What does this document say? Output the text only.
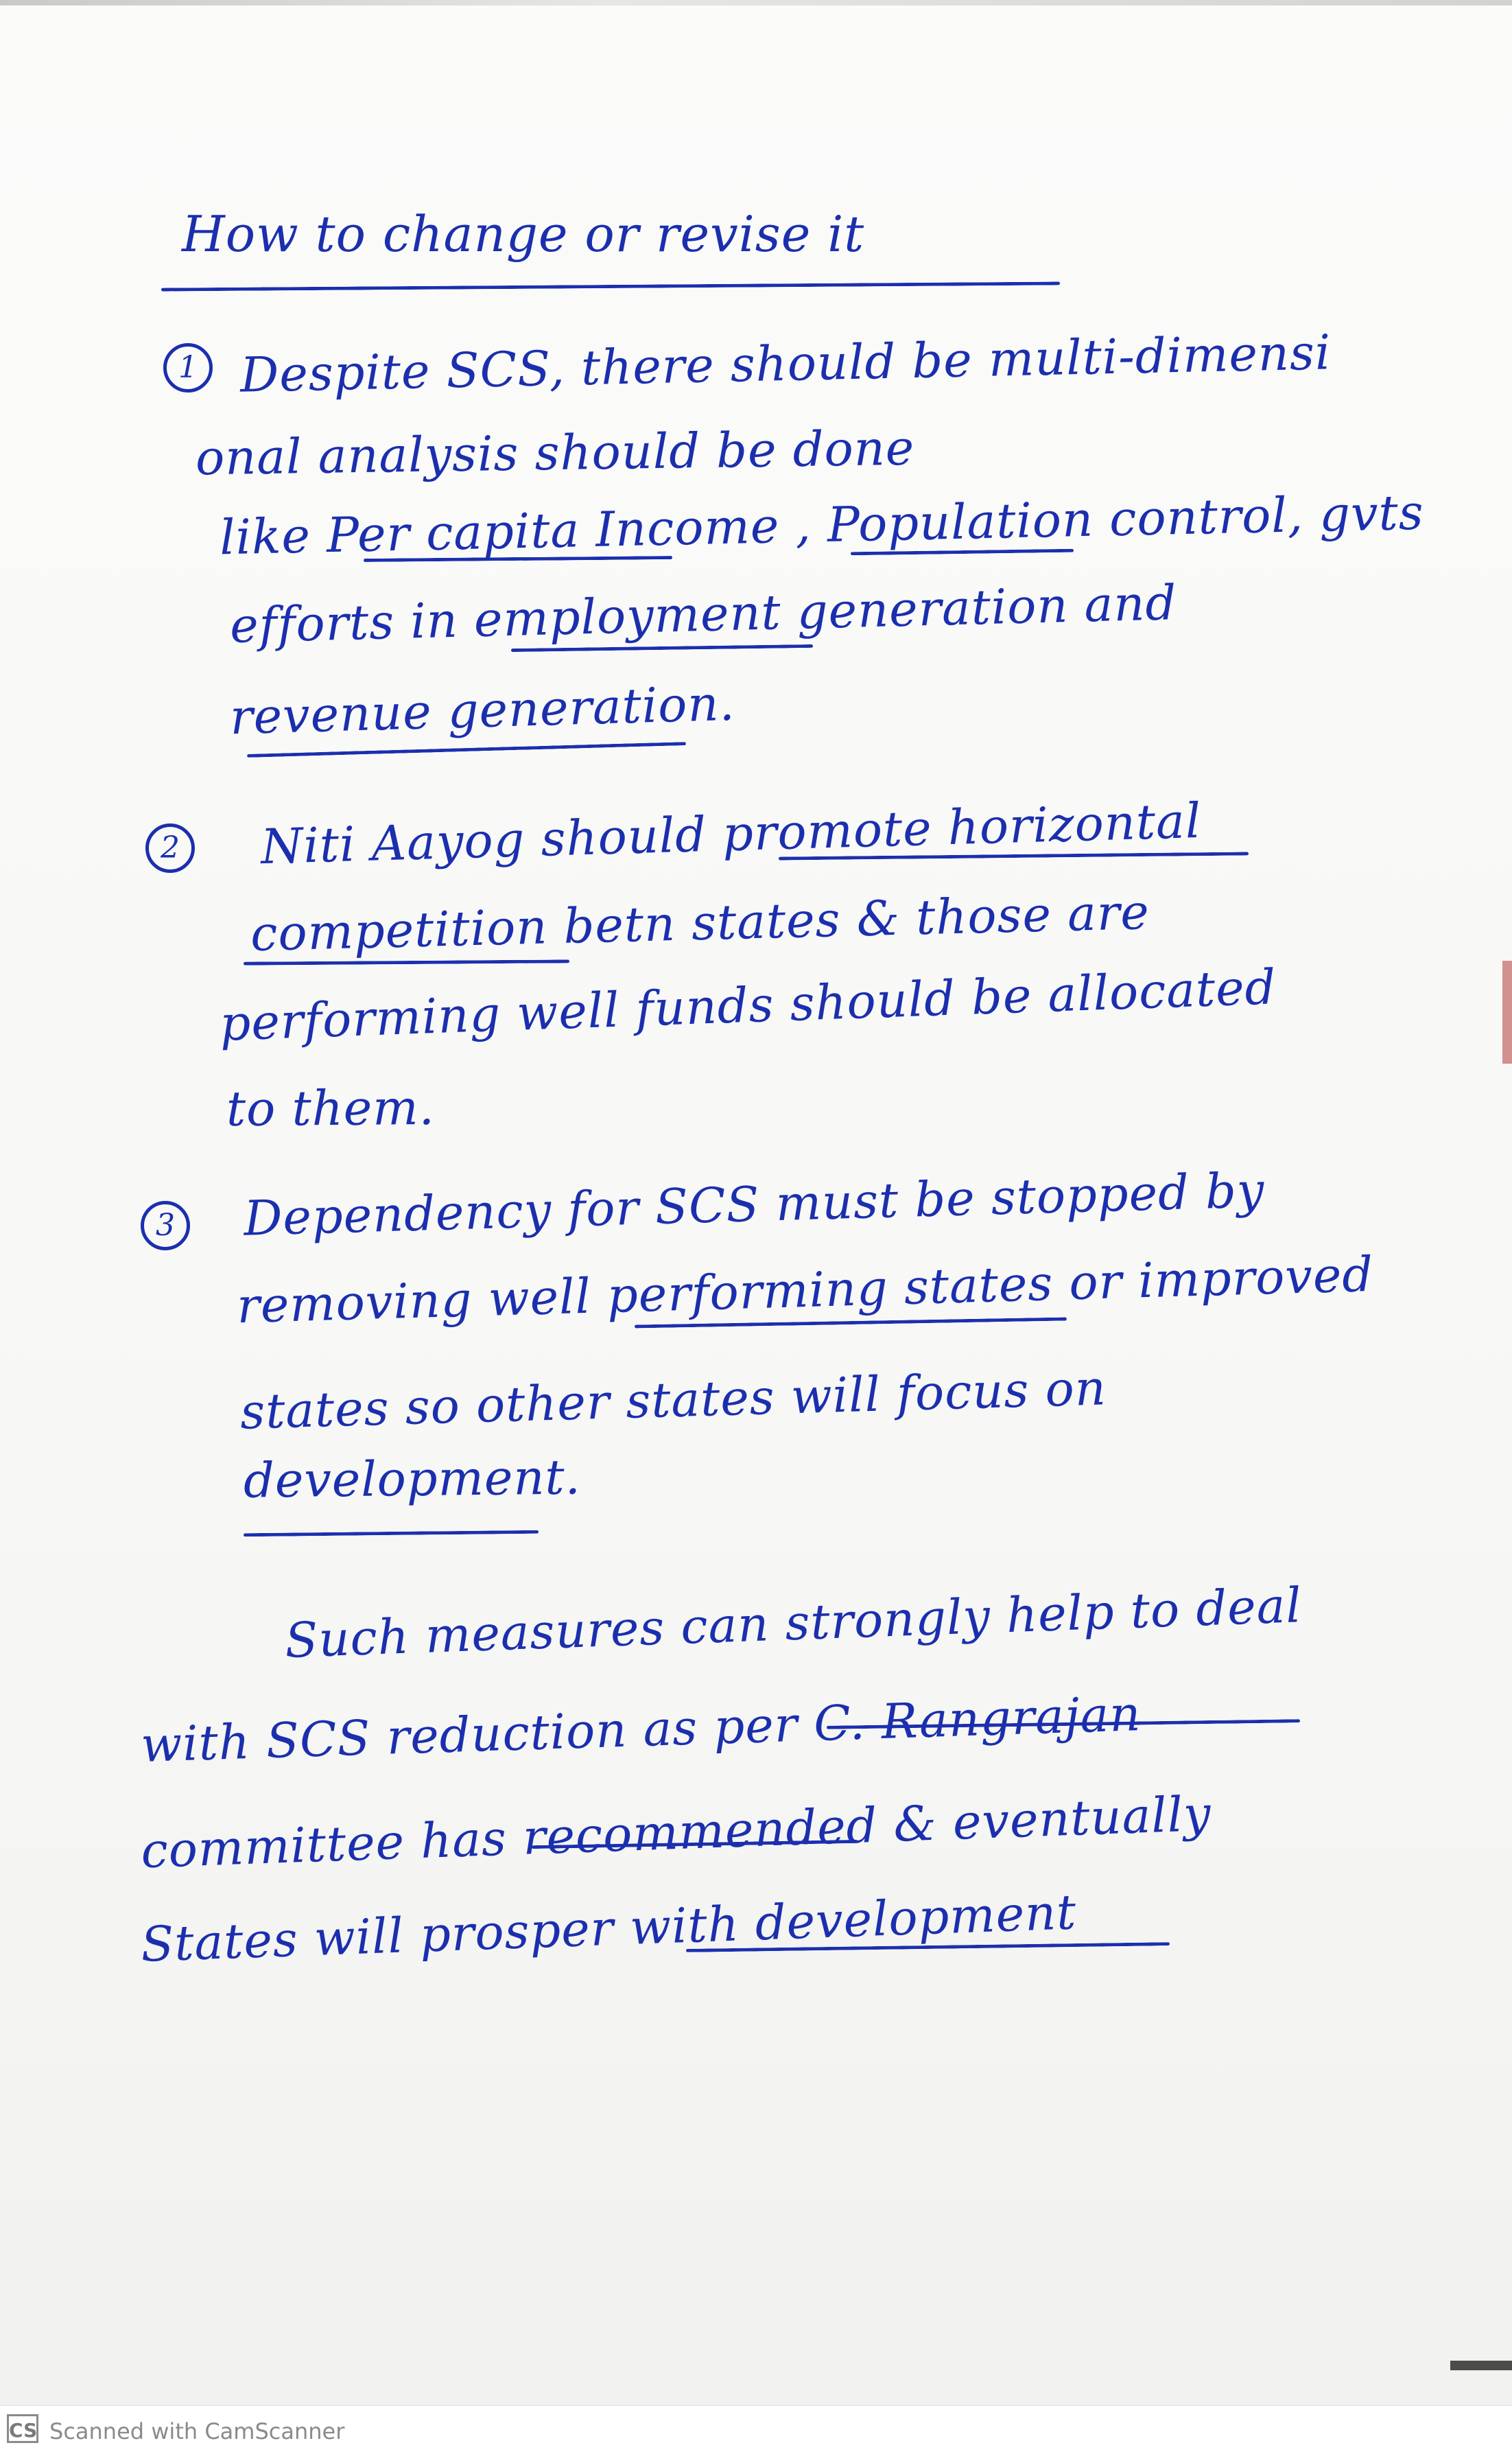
How to change or revise it
1 Despite SCS, there should be multi-dimensi
onal analysis should be done
like Per capita Income , Population control, gvts
efforts in employment generation and
revenue generation.
2	Niti Aayog should promote horizontal
competition betn states & those are
performing well funds should be allocated
to them.
3	Dependency for SCS must be stopped by
removing well performing states or improved
states so other states will focus on
development.
Such measures can strongly help to deal
with SCS reduction as per C. Rangrajan
committee has recommended & eventually
States will prosper with development
CS Scanned with CamScanner
